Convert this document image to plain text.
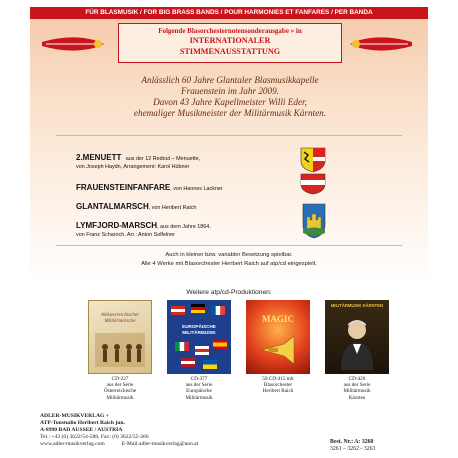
FÜR BLASMUSIK / FOR BIG BRASS BANDS / POUR HARMONIES ET FANFARES / PER BANDA
Folgende Blasorchesternotensonderausgabe » in
INTERNATIONALER
STIMMENAUSSTATTUNG
Anlässlich 60 Jahre Glantaler Blasmusikkapelle
Frauenstein im Jahr 2009.
Davon 43 Jahre Kapellmeister Willi Eder,
ehemaliger Musikmeister der Militärmusik Kärnten.
2.MENUETT aus der 12 Redout – Menuette,
von Joseph Haydn, Arrangement: Karol Hübner
FRAUENSTEINFANFARE, von Hannes Lackner
GLANTALMARSCH, von Heribert Raich
LYMFJORD-MARSCH, aus dem Jahre 1864,
von Franz Scharoch, Arr.: Anton Solfelner
Auch in kleiner bzw. variabler Besetzung spielbar.
Alle 4 Werke mit Blasorchester Heribert Raich auf atp/cd eingespielt.
Weitere atp/cd-Produktionen:
Altösterreichischer
Militärmärsche
CD-227
aus der Serie
Österreichische
Militärmusik
EUROPÄISCHE
MILITÄRMUSIK
CD-377
aus der Serie
Europäische
Militärmusik
MAGIC
50.CD-415 mit
Blasorchester
Heribert Raich
MILITÄRMUSIK KÄRNTEN
CD-420
aus der Serie
Militärmusik
Kärnten
ADLER-MUSIKVERLAG +
ATP-Tonstudio Heribert Raich jun.
A-8990 BAD AUSSEE / AUSTRIA
Tel.: +43 (0) 3622/54-588, Fax: (0) 3622/55-266
www.adler-musikverlag.com	E-Mail:adler-musikverlag@aon.at	Best. Nr.: A: 3260
3261 – 3262 - 3263
